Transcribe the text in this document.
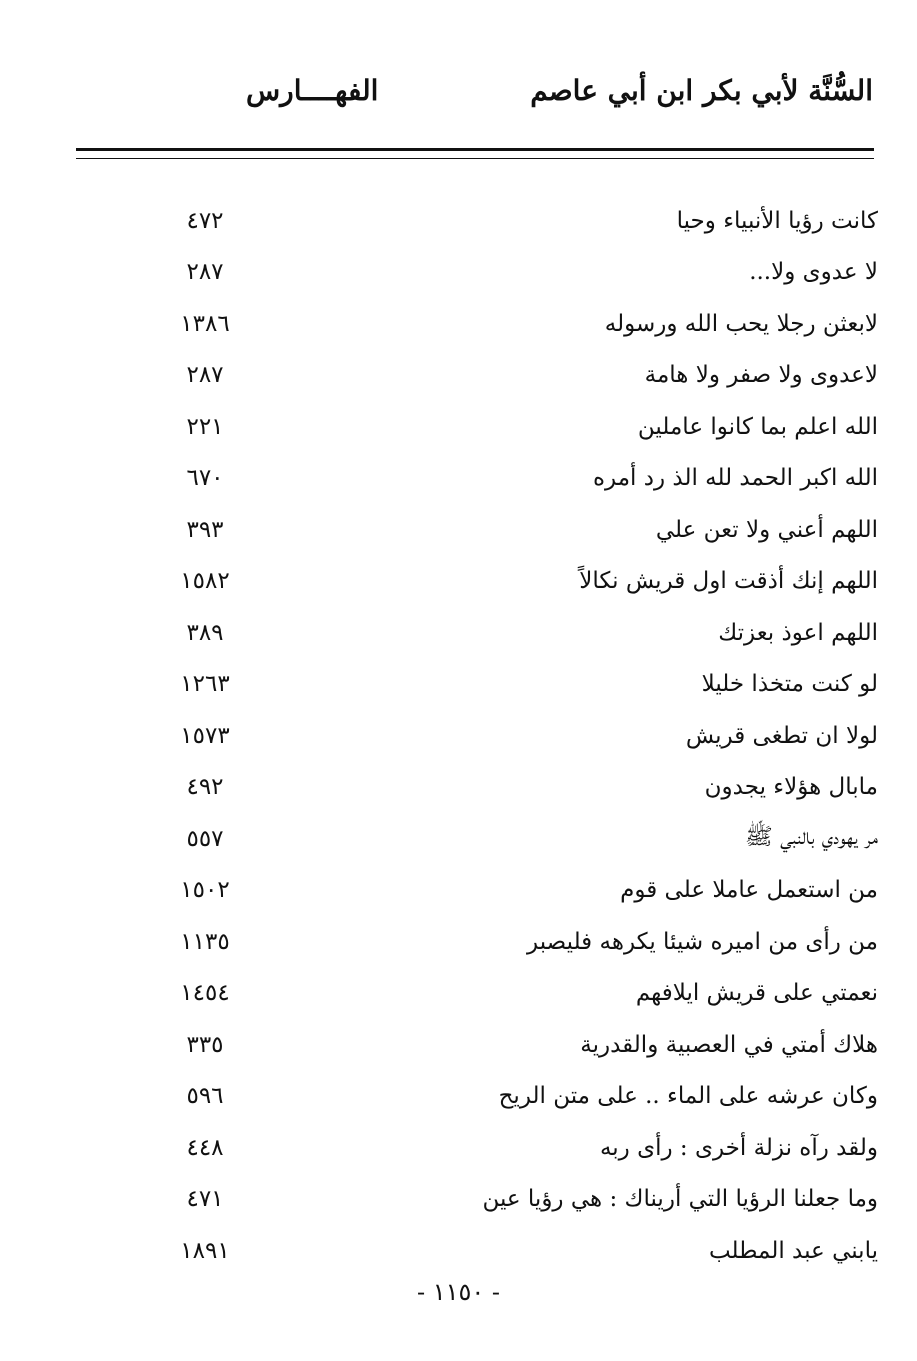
السُّنَّة لأبي بكر ابن أبي عاصم
الفهــــارس
كانت رؤيا الأنبياء وحيا
٤٧٢
لا عدوى ولا...
٢٨٧
لابعثن رجلا يحب الله ورسوله
١٣٨٦
لاعدوى ولا صفر ولا هامة
٢٨٧
الله اعلم بما كانوا عاملين
٢٢١
الله اكبر الحمد لله الذ رد أمره
٦٧٠
اللهم أعني ولا تعن علي
٣٩٣
اللهم إنك أذقت اول قريش نكالاً
١٥٨٢
اللهم اعوذ بعزتك
٣٨٩
لو كنت متخذا خليلا
١٢٦٣
لولا ان تطغى قريش
١٥٧٣
مابال هؤلاء يجدون
٤٩٢
مر يهودي بالنبي ﷺ
٥٥٧
من استعمل عاملا على قوم
١٥٠٢
من رأى من اميره شيئا يكرهه فليصبر
١١٣٥
نعمتي على قريش ايلافهم
١٤٥٤
هلاك أمتي في العصبية والقدرية
٣٣٥
وكان عرشه على الماء .. على متن الريح
٥٩٦
ولقد رآه نزلة أخرى : رأى ربه
٤٤٨
وما جعلنا الرؤيا التي أريناك : هي رؤيا عين
٤٧١
يابني عبد المطلب
١٨٩١
- ١١٥٠ -
